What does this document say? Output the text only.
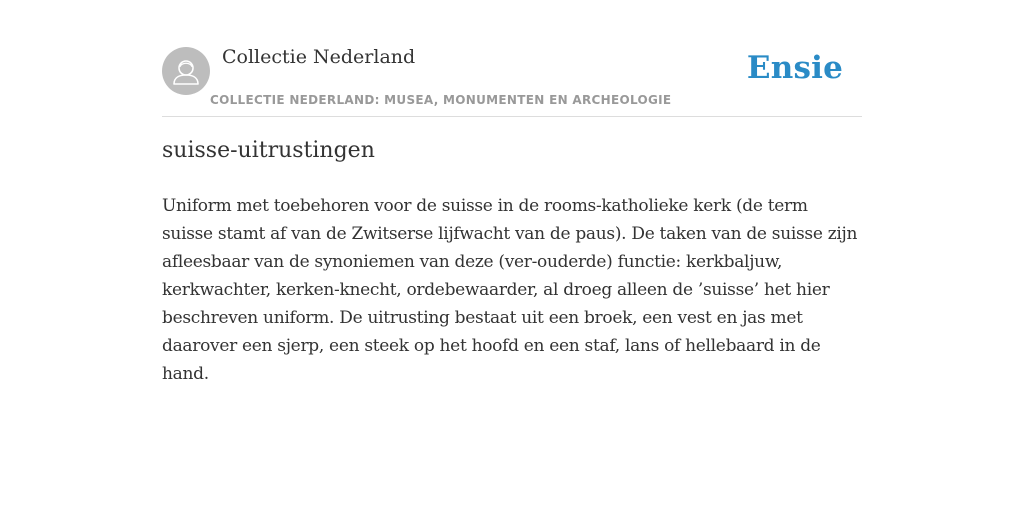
Collectie Nederland
COLLECTIE NEDERLAND: MUSEA, MONUMENTEN EN ARCHEOLOGIE
Ensie
suisse-uitrustingen

Uniform met toebehoren voor de suisse in de rooms-katholieke kerk (de term suisse stamt af van de Zwitserse lijfwacht van de paus). De taken van de suisse zijn afleesbaar van de synoniemen van deze (ver-ouderde) functie: kerkbaljuw, kerkwachter, kerken-knecht, ordebewaarder, al droeg alleen de ’suisse’ het hier beschreven uniform. De uitrusting bestaat uit een broek, een vest en jas met daarover een sjerp, een steek op het hoofd en een staf, lans of hellebaard in de hand.
